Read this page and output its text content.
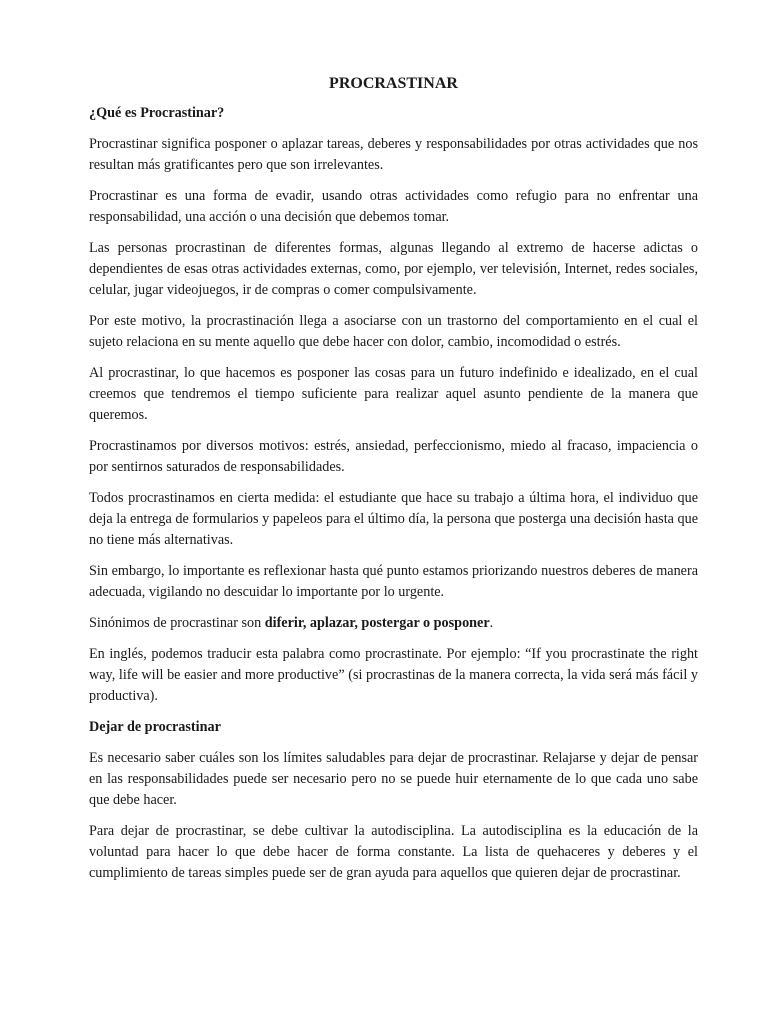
PROCRASTINAR
¿Qué es Procrastinar?

Procrastinar significa posponer o aplazar tareas, deberes y responsabilidades por otras actividades que nos resultan más gratificantes pero que son irrelevantes.

Procrastinar es una forma de evadir, usando otras actividades como refugio para no enfrentar una responsabilidad, una acción o una decisión que debemos tomar.

Las personas procrastinan de diferentes formas, algunas llegando al extremo de hacerse adictas o dependientes de esas otras actividades externas, como, por ejemplo, ver televisión, Internet, redes sociales, celular, jugar videojuegos, ir de compras o comer compulsivamente.

Por este motivo, la procrastinación llega a asociarse con un trastorno del comportamiento en el cual el sujeto relaciona en su mente aquello que debe hacer con dolor, cambio, incomodidad o estrés.

Al procrastinar, lo que hacemos es posponer las cosas para un futuro indefinido e idealizado, en el cual creemos que tendremos el tiempo suficiente para realizar aquel asunto pendiente de la manera que queremos.

Procrastinamos por diversos motivos: estrés, ansiedad, perfeccionismo, miedo al fracaso, impaciencia o por sentirnos saturados de responsabilidades.

Todos procrastinamos en cierta medida: el estudiante que hace su trabajo a última hora, el individuo que deja la entrega de formularios y papeleos para el último día, la persona que posterga una decisión hasta que no tiene más alternativas.

Sin embargo, lo importante es reflexionar hasta qué punto estamos priorizando nuestros deberes de manera adecuada, vigilando no descuidar lo importante por lo urgente.

Sinónimos de procrastinar son diferir, aplazar, postergar o posponer.

En inglés, podemos traducir esta palabra como procrastinate. Por ejemplo: “If you procrastinate the right way, life will be easier and more productive” (si procrastinas de la manera correcta, la vida será más fácil y productiva).

Dejar de procrastinar

Es necesario saber cuáles son los límites saludables para dejar de procrastinar. Relajarse y dejar de pensar en las responsabilidades puede ser necesario pero no se puede huir eternamente de lo que cada uno sabe que debe hacer.

Para dejar de procrastinar, se debe cultivar la autodisciplina. La autodisciplina es la educación de la voluntad para hacer lo que debe hacer de forma constante. La lista de quehaceres y deberes y el cumplimiento de tareas simples puede ser de gran ayuda para aquellos que quieren dejar de procrastinar.
